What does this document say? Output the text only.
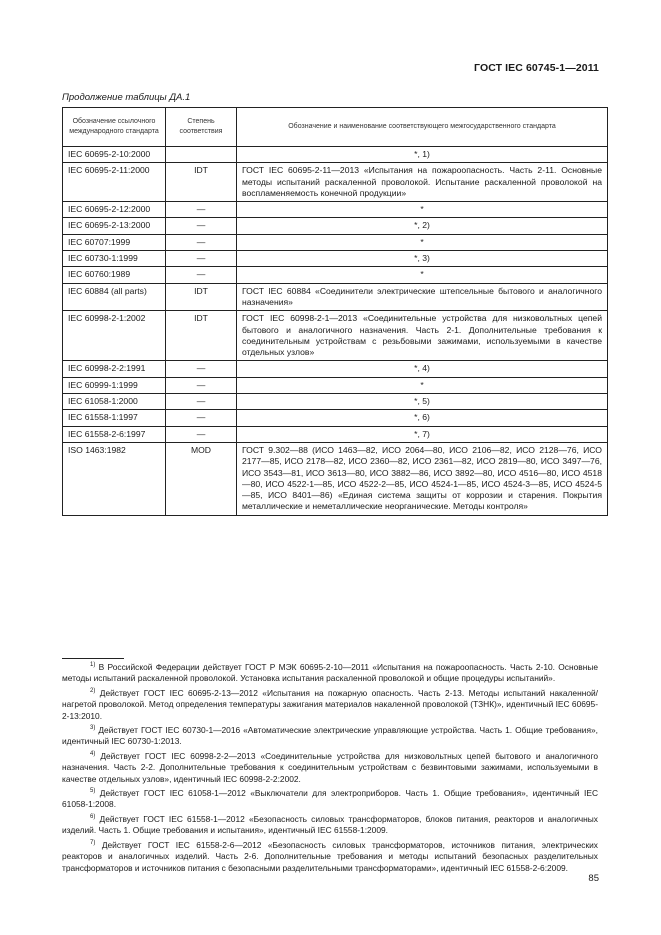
ГОСТ IEC 60745-1—2011
Продолжение таблицы ДА.1
Обозначение ссылочного международного стандарта	Степень соответствия	Обозначение и наименование соответствующего межгосударственного стандарта
IEC 60695-2-10:2000		*, 1)
IEC 60695-2-11:2000	IDT	ГОСТ IEC 60695-2-11—2013 «Испытания на пожароопасность. Часть 2-11. Основные методы испытаний раскаленной проволокой. Испытание раскаленной проволокой на воспламеняемость конечной продукции»
IEC 60695-2-12:2000	—	*
IEC 60695-2-13:2000	—	*, 2)
IEC 60707:1999	—	*
IEC 60730-1:1999	—	*, 3)
IEC 60760:1989	—	*
IEC 60884 (all parts)	IDT	ГОСТ IEC 60884 «Соединители электрические штепсельные бытового и аналогичного назначения»
IEC 60998-2-1:2002	IDT	ГОСТ IEC 60998-2-1—2013 «Соединительные устройства для низковольтных цепей бытового и аналогичного назначения. Часть 2-1. Дополнительные требования к соединительным устройствам с резьбовыми зажимами, используемыми в качестве отдельных узлов»
IEC 60998-2-2:1991	—	*, 4)
IEC 60999-1:1999	—	*
IEC 61058-1:2000	—	*, 5)
IEC 61558-1:1997	—	*, 6)
IEC 61558-2-6:1997	—	*, 7)
ISO 1463:1982	MOD	ГОСТ 9.302—88 (ИСО 1463—82, ИСО 2064—80, ИСО 2106—82, ИСО 2128—76, ИСО 2177—85, ИСО 2178—82, ИСО 2360—82, ИСО 2361—82, ИСО 2819—80, ИСО 3497—76, ИСО 3543—81, ИСО 3613—80, ИСО 3882—86, ИСО 3892—80, ИСО 4516—80, ИСО 4518—80, ИСО 4522-1—85, ИСО 4522-2—85, ИСО 4524-1—85, ИСО 4524-3—85, ИСО 4524-5—85, ИСО 8401—86) «Единая система защиты от коррозии и старения. Покрытия металлические и неметаллические неорганические. Методы контроля»

$^{1)}$ В Российской Федерации действует ГОСТ Р МЭК 60695-2-10—2011 «Испытания на пожароопасность. Часть 2-10. Основные методы испытаний раскаленной проволокой. Установка испытания раскаленной проволокой и общие процедуры испытаний».

$^{2)}$ Действует ГОСТ IEC 60695-2-13—2012 «Испытания на пожарную опасность. Часть 2-13. Методы испытаний накаленной/нагретой проволокой. Метод определения температуры зажигания материалов накаленной проволокой (ТЗНК)», идентичный IEC 60695-2-13:2010.

$^{3)}$ Действует ГОСТ IEC 60730-1—2016 «Автоматические электрические управляющие устройства. Часть 1. Общие требования», идентичный IEC 60730-1:2013.

$^{4)}$ Действует ГОСТ IEC 60998-2-2—2013 «Соединительные устройства для низковольтных цепей бытового и аналогичного назначения. Часть 2-2. Дополнительные требования к соединительным устройствам с безвинтовыми зажимами, используемыми в качестве отдельных узлов», идентичный IEC 60998-2-2:2002.

$^{5)}$ Действует ГОСТ IEC 61058-1—2012 «Выключатели для электроприборов. Часть 1. Общие требования», идентичный IEC 61058-1:2008.

$^{6)}$ Действует ГОСТ IEC 61558-1—2012 «Безопасность силовых трансформаторов, блоков питания, реакторов и аналогичных изделий. Часть 1. Общие требования и испытания», идентичный IEC 61558-1:2009.

$^{7)}$ Действует ГОСТ IEC 61558-2-6—2012 «Безопасность силовых трансформаторов, источников питания, электрических реакторов и аналогичных изделий. Часть 2-6. Дополнительные требования и методы испытаний безопасных разделительных трансформаторов и источников питания с безопасными разделительными трансформаторами», идентичный IEC 61558-2-6:2009.

85
